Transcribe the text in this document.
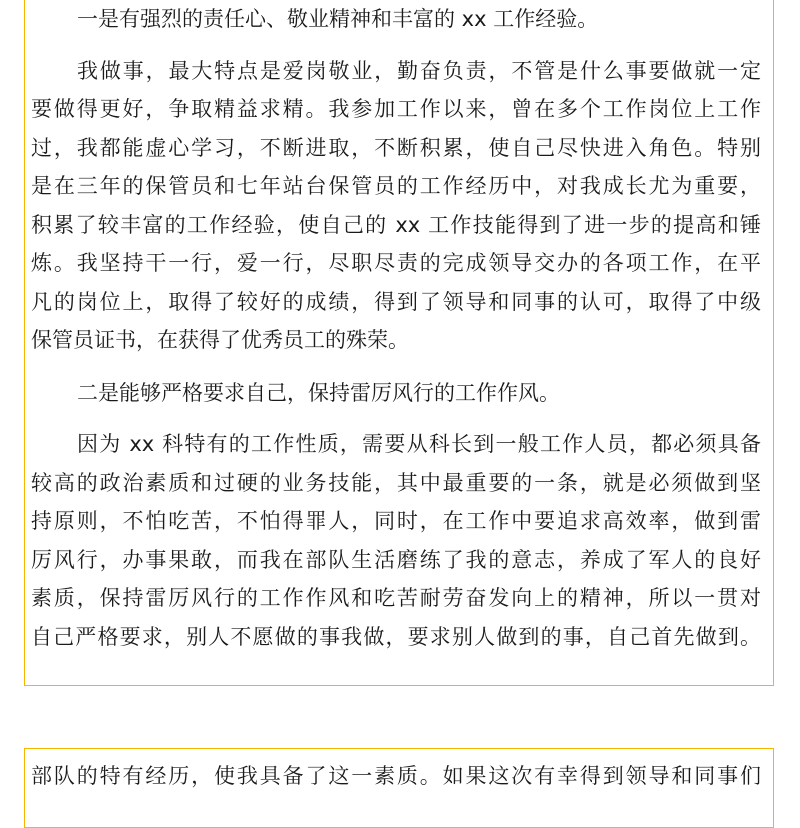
一是有强烈的责任心、敬业精神和丰富的 xx 工作经验。
我做事，最大特点是爱岗敬业，勤奋负责，不管是什么事要做就一定
要做得更好，争取精益求精。我参加工作以来，曾在多个工作岗位上工作
过，我都能虚心学习，不断进取，不断积累，使自己尽快进入角色。特别
是在三年的保管员和七年站台保管员的工作经历中，对我成长尤为重要，
积累了较丰富的工作经验，使自己的 xx 工作技能得到了进一步的提高和锤
炼。我坚持干一行，爱一行，尽职尽责的完成领导交办的各项工作，在平
凡的岗位上，取得了较好的成绩，得到了领导和同事的认可，取得了中级
保管员证书，在获得了优秀员工的殊荣。
二是能够严格要求自己，保持雷厉风行的工作作风。
因为 xx 科特有的工作性质，需要从科长到一般工作人员，都必须具备
较高的政治素质和过硬的业务技能，其中最重要的一条，就是必须做到坚
持原则，不怕吃苦，不怕得罪人，同时，在工作中要追求高效率，做到雷
厉风行，办事果敢，而我在部队生活磨练了我的意志，养成了军人的良好
素质，保持雷厉风行的工作作风和吃苦耐劳奋发向上的精神，所以一贯对
自己严格要求，别人不愿做的事我做，要求别人做到的事，自己首先做到。
部队的特有经历，使我具备了这一素质。如果这次有幸得到领导和同事们
